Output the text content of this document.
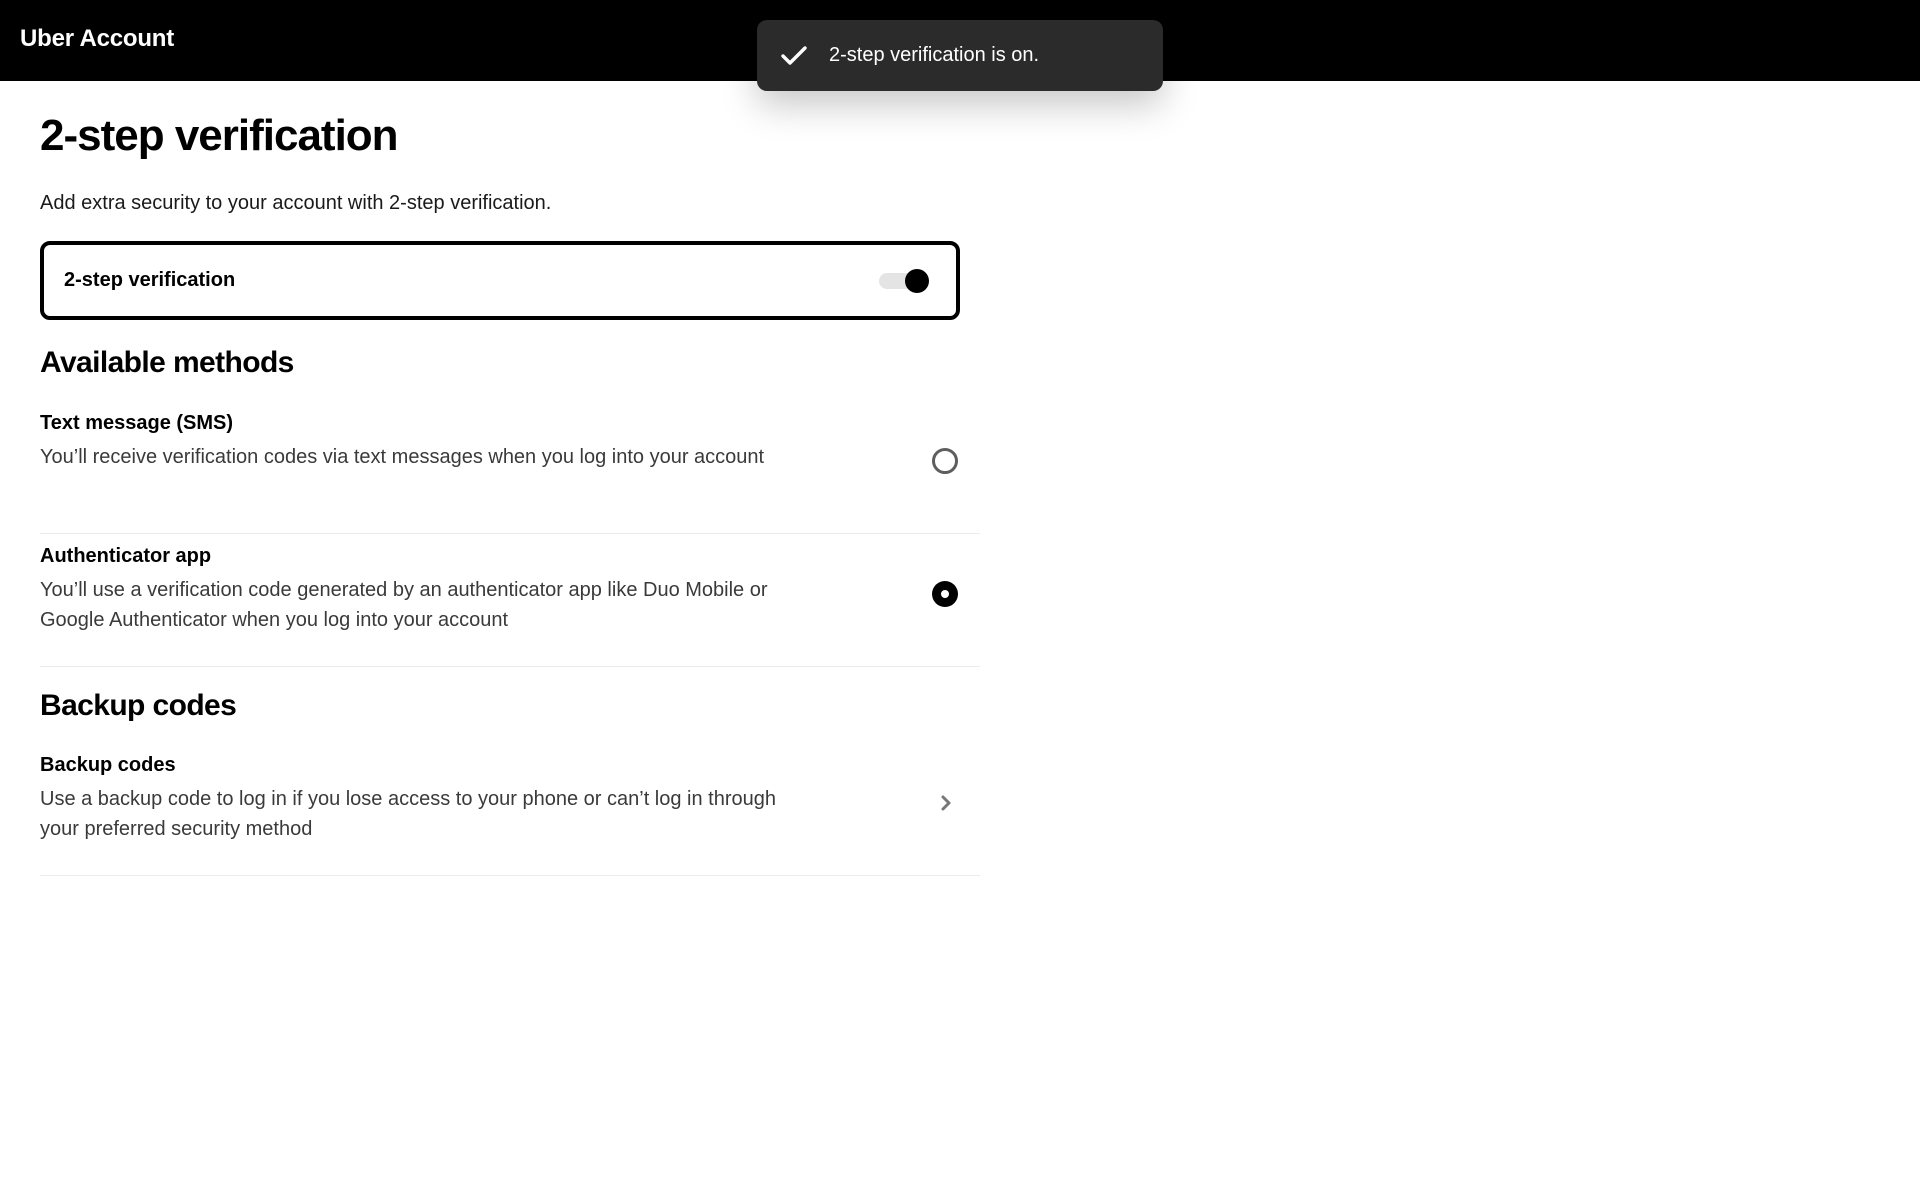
Uber Account
2-step verification

Add extra security to your account with 2-step verification.

2-step verification
Available methods
Text message (SMS)
You’ll receive verification codes via text messages when you log into your account
Authenticator app
You’ll use a verification code generated by an authenticator app like Duo Mobile or Google Authenticator when you log into your account
Backup codes
Backup codes
Use a backup code to log in if you lose access to your phone or can’t log in through your preferred security method
2-step verification is on.
